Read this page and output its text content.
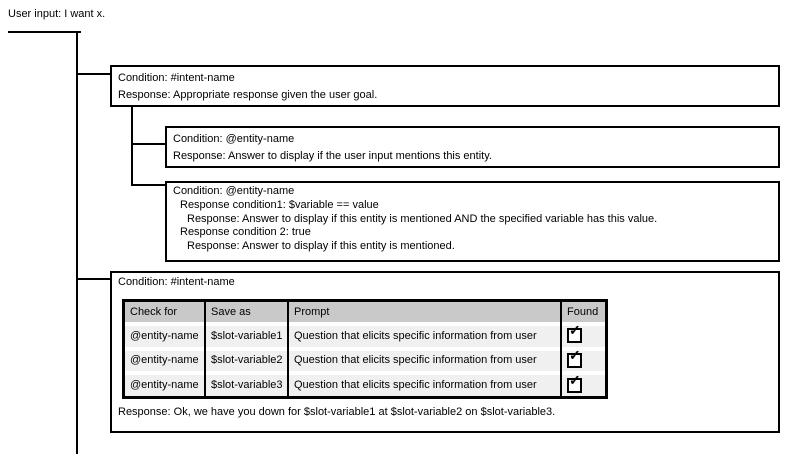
User input: I want x.
Condition: #intent-name
Response: Appropriate response given the user goal.
Condition: @entity-name
Response: Answer to display if the user input mentions this entity.
Condition: @entity-name
Response condition1: $variable == value
Response: Answer to display if this entity is mentioned AND the specified variable has this value.
Response condition 2: true
Response: Answer to display if this entity is mentioned.
Condition: #intent-name
Check for	Save as	Prompt	Found
@entity-name	$slot-variable1	Question that elicits specific information from user	✓
@entity-name	$slot-variable2	Question that elicits specific information from user	✓
@entity-name	$slot-variable3	Question that elicits specific information from user	✓
Response: Ok, we have you down for $slot-variable1 at $slot-variable2 on $slot-variable3.
